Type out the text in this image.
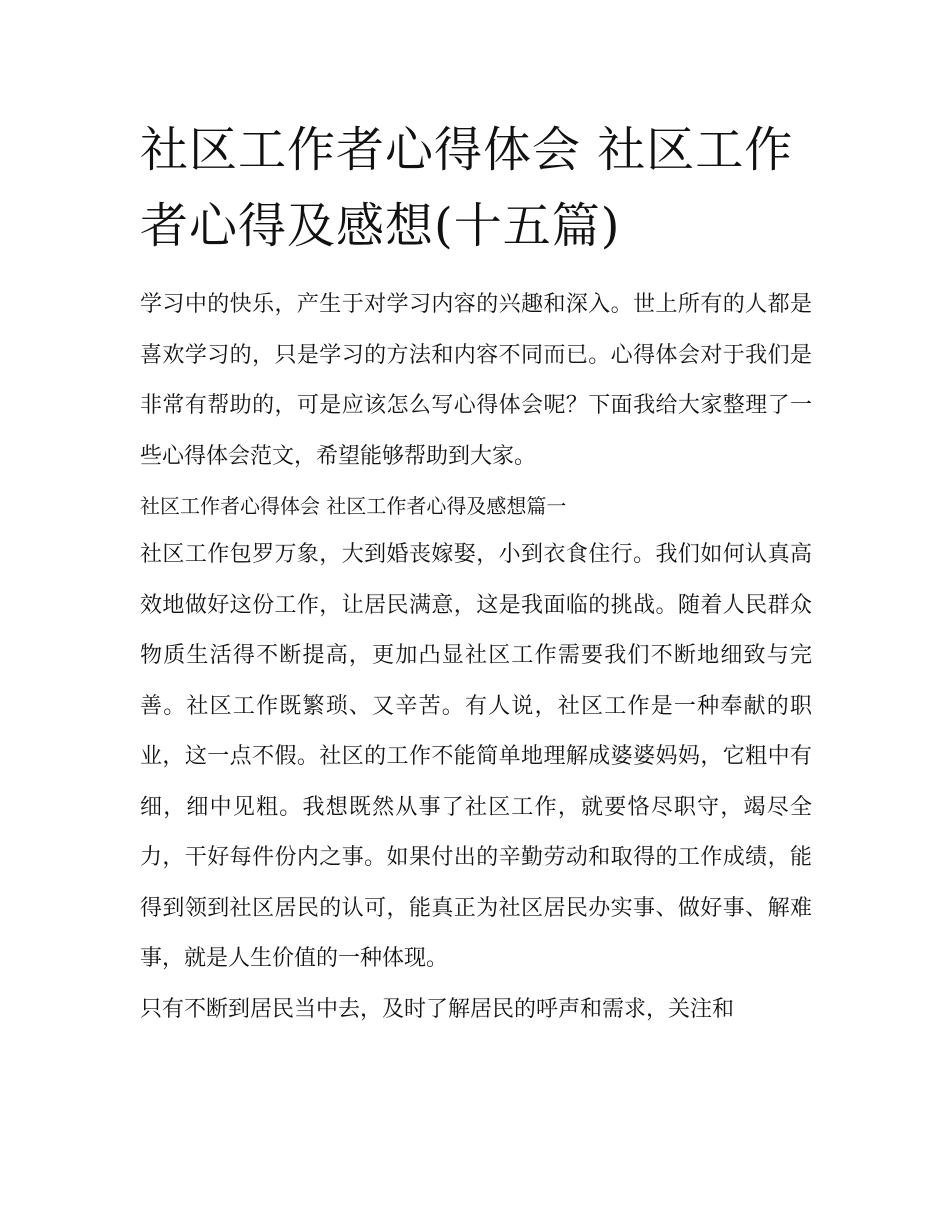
社区工作者心得体会 社区工作者心得及感想(十五篇)

学习中的快乐，产生于对学习内容的兴趣和深入。世上所有的人都是喜欢学习的，只是学习的方法和内容不同而已。心得体会对于我们是非常有帮助的，可是应该怎么写心得体会呢？下面我给大家整理了一些心得体会范文，希望能够帮助到大家。

社区工作者心得体会 社区工作者心得及感想篇一

社区工作包罗万象，大到婚丧嫁娶，小到衣食住行。我们如何认真高效地做好这份工作，让居民满意，这是我面临的挑战。随着人民群众物质生活得不断提高，更加凸显社区工作需要我们不断地细致与完善。社区工作既繁琐、又辛苦。有人说，社区工作是一种奉献的职业，这一点不假。社区的工作不能简单地理解成婆婆妈妈，它粗中有细，细中见粗。我想既然从事了社区工作，就要恪尽职守，竭尽全力，干好每件份内之事。如果付出的辛勤劳动和取得的工作成绩，能得到领到社区居民的认可，能真正为社区居民办实事、做好事、解难事，就是人生价值的一种体现。

只有不断到居民当中去，及时了解居民的呼声和需求，关注和
